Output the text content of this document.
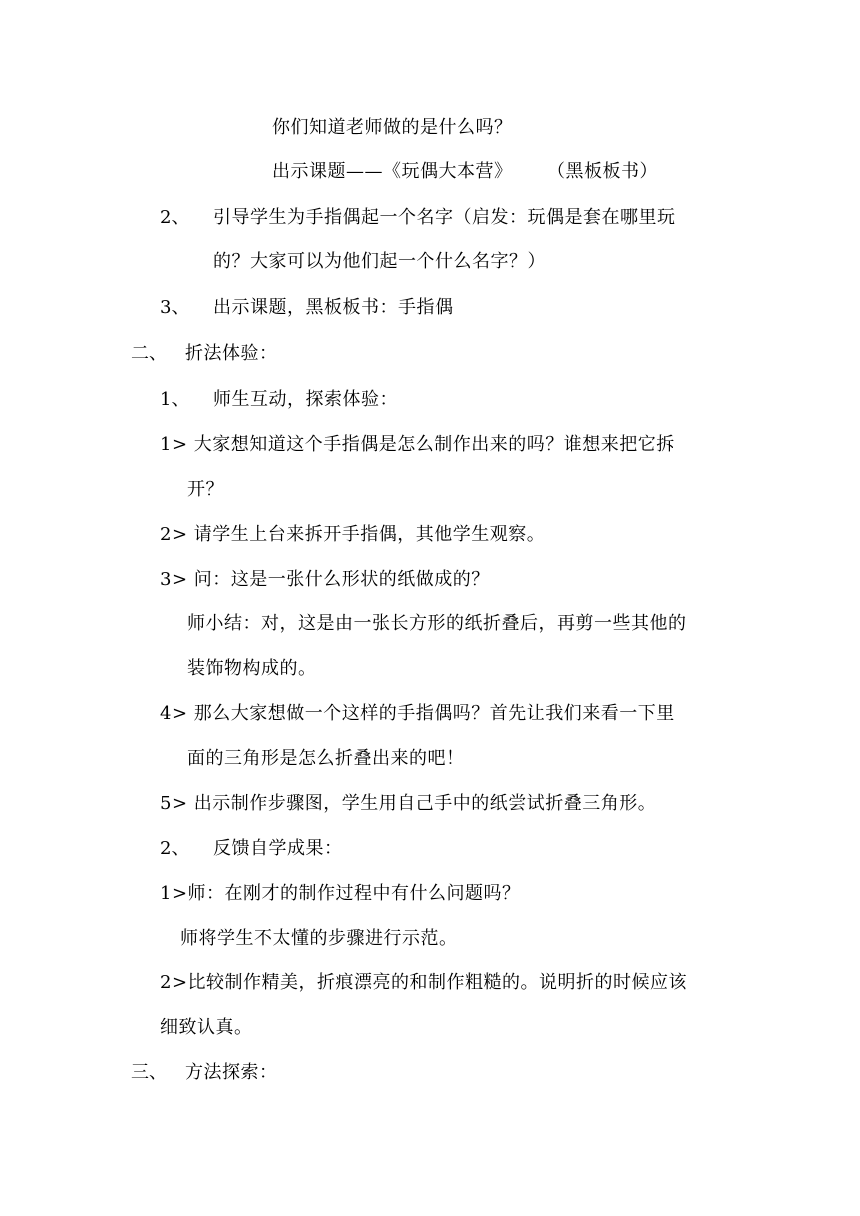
你们知道老师做的是什么吗？
出示课题——《玩偶大本营》 （黑板板书）
2、 引导学生为手指偶起一个名字（启发：玩偶是套在哪里玩
的？大家可以为他们起一个什么名字？）
3、 出示课题，黑板板书：手指偶
二、 折法体验：
1、 师生互动，探索体验：
1> 大家想知道这个手指偶是怎么制作出来的吗？谁想来把它拆
开？
2> 请学生上台来拆开手指偶，其他学生观察。
3> 问：这是一张什么形状的纸做成的？
师小结：对，这是由一张长方形的纸折叠后，再剪一些其他的
装饰物构成的。
4> 那么大家想做一个这样的手指偶吗？首先让我们来看一下里
面的三角形是怎么折叠出来的吧！
5> 出示制作步骤图，学生用自己手中的纸尝试折叠三角形。
2、 反馈自学成果：
1>师：在刚才的制作过程中有什么问题吗？
师将学生不太懂的步骤进行示范。
2>比较制作精美，折痕漂亮的和制作粗糙的。说明折的时候应该
细致认真。
三、 方法探索：
